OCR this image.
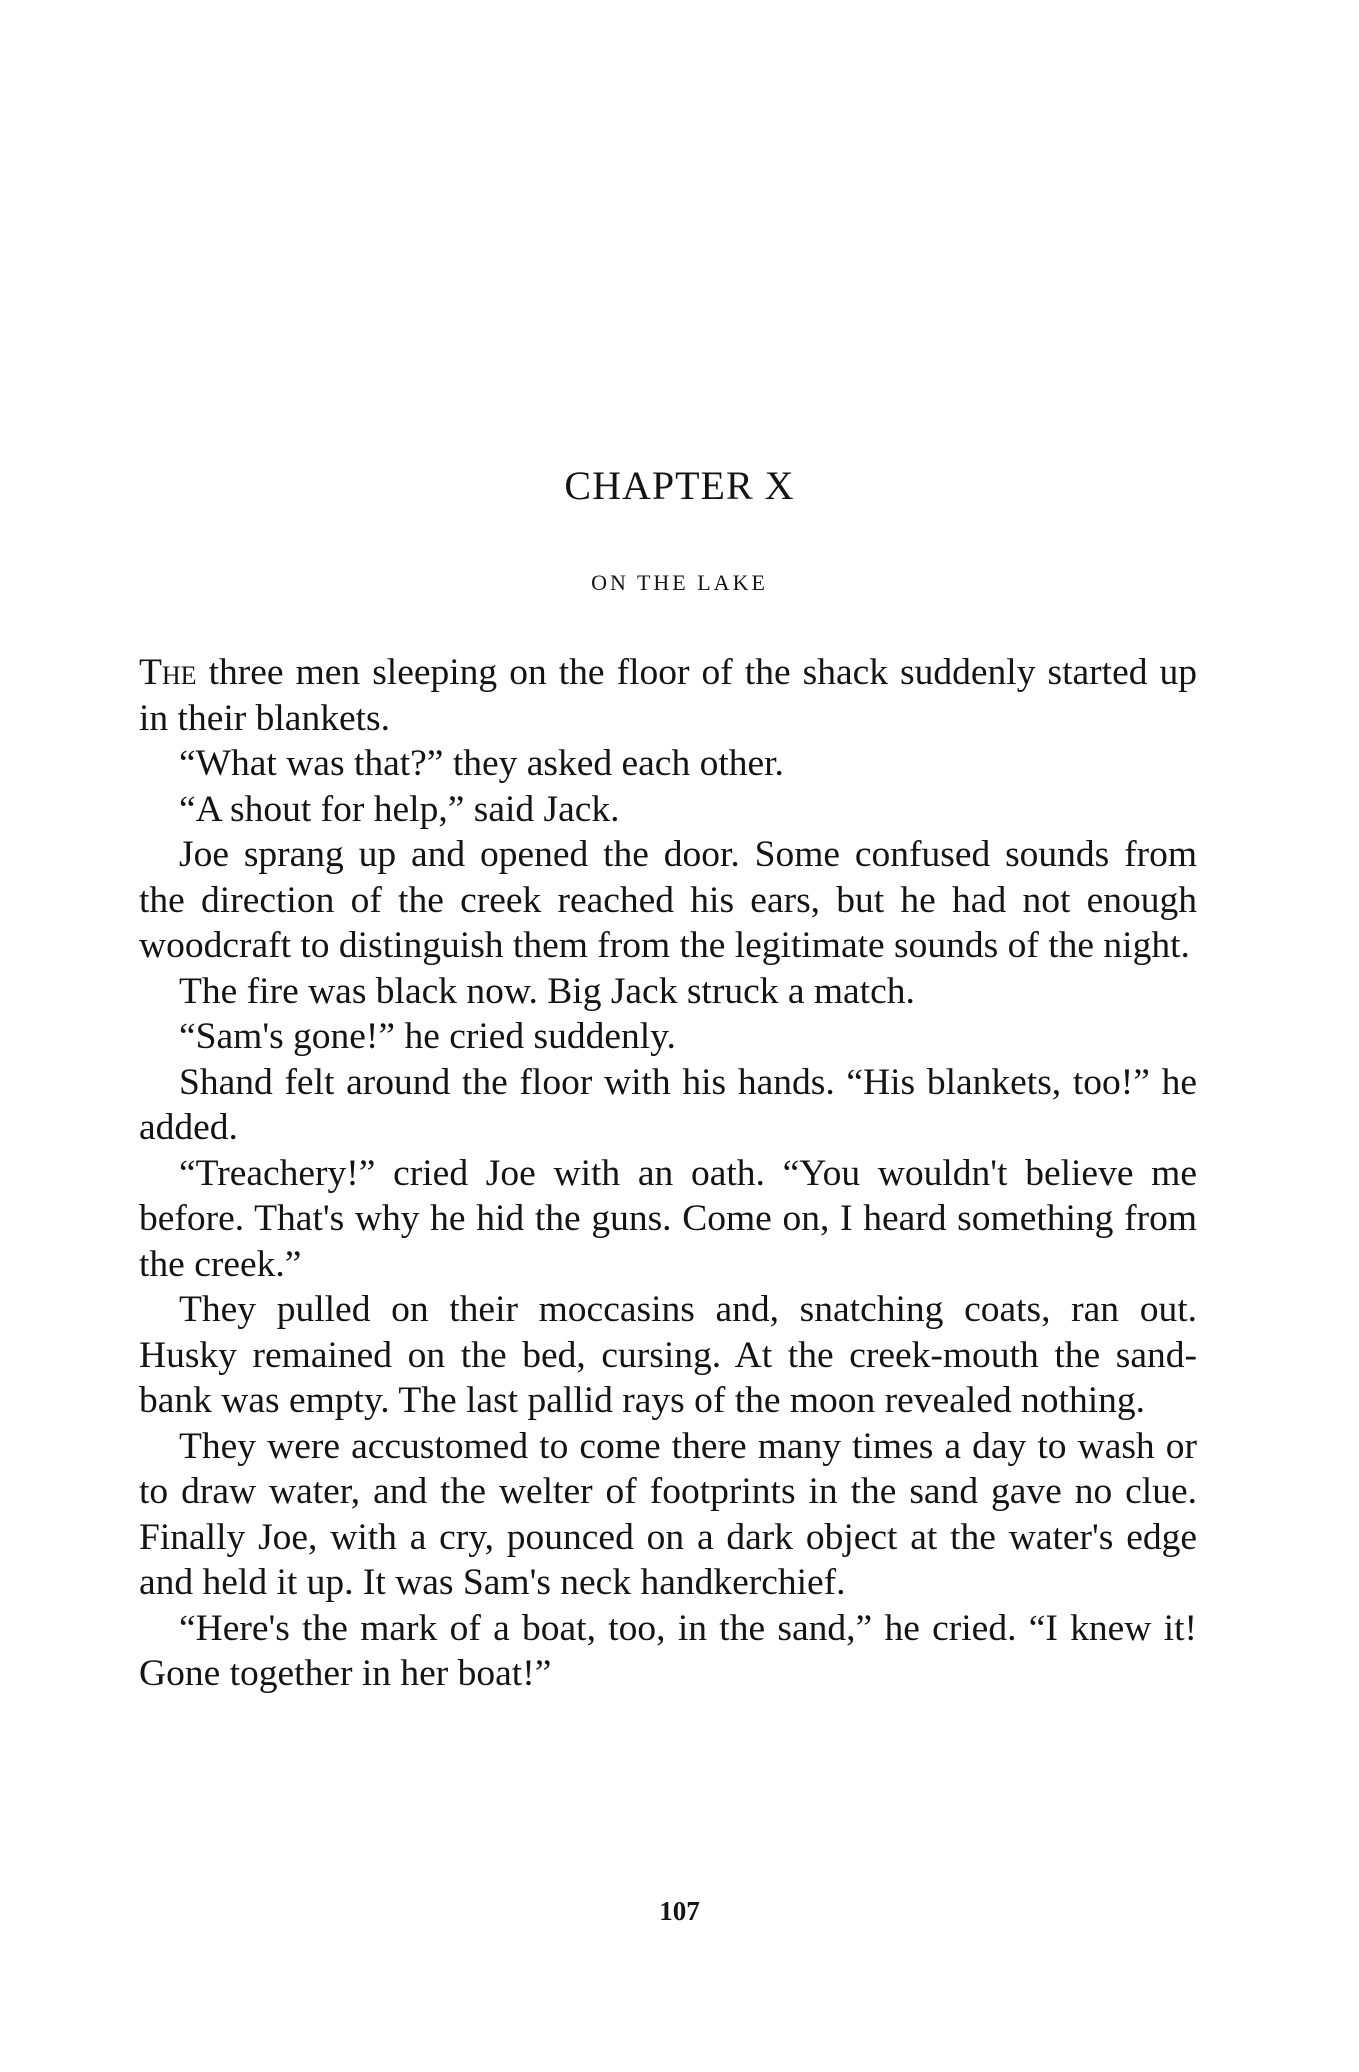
CHAPTER X
ON THE LAKE

The three men sleeping on the floor of the shack suddenly started up in their blankets.

“What was that?” they asked each other.

“A shout for help,” said Jack.

Joe sprang up and opened the door. Some confused sounds from the direction of the creek reached his ears, but he had not enough woodcraft to distinguish them from the legitimate sounds of the night.

The fire was black now. Big Jack struck a match.

“Sam's gone!” he cried suddenly.

Shand felt around the floor with his hands. “His blankets, too!” he added.

“Treachery!” cried Joe with an oath. “You wouldn't believe me before. That's why he hid the guns. Come on, I heard something from the creek.”

They pulled on their moccasins and, snatching coats, ran out. Husky remained on the bed, cursing. At the creek-mouth the sand-bank was empty. The last pallid rays of the moon revealed nothing.

They were accustomed to come there many times a day to wash or to draw water, and the welter of footprints in the sand gave no clue. Finally Joe, with a cry, pounced on a dark object at the water's edge and held it up. It was Sam's neck handkerchief.

“Here's the mark of a boat, too, in the sand,” he cried. “I knew it! Gone together in her boat!”

107
